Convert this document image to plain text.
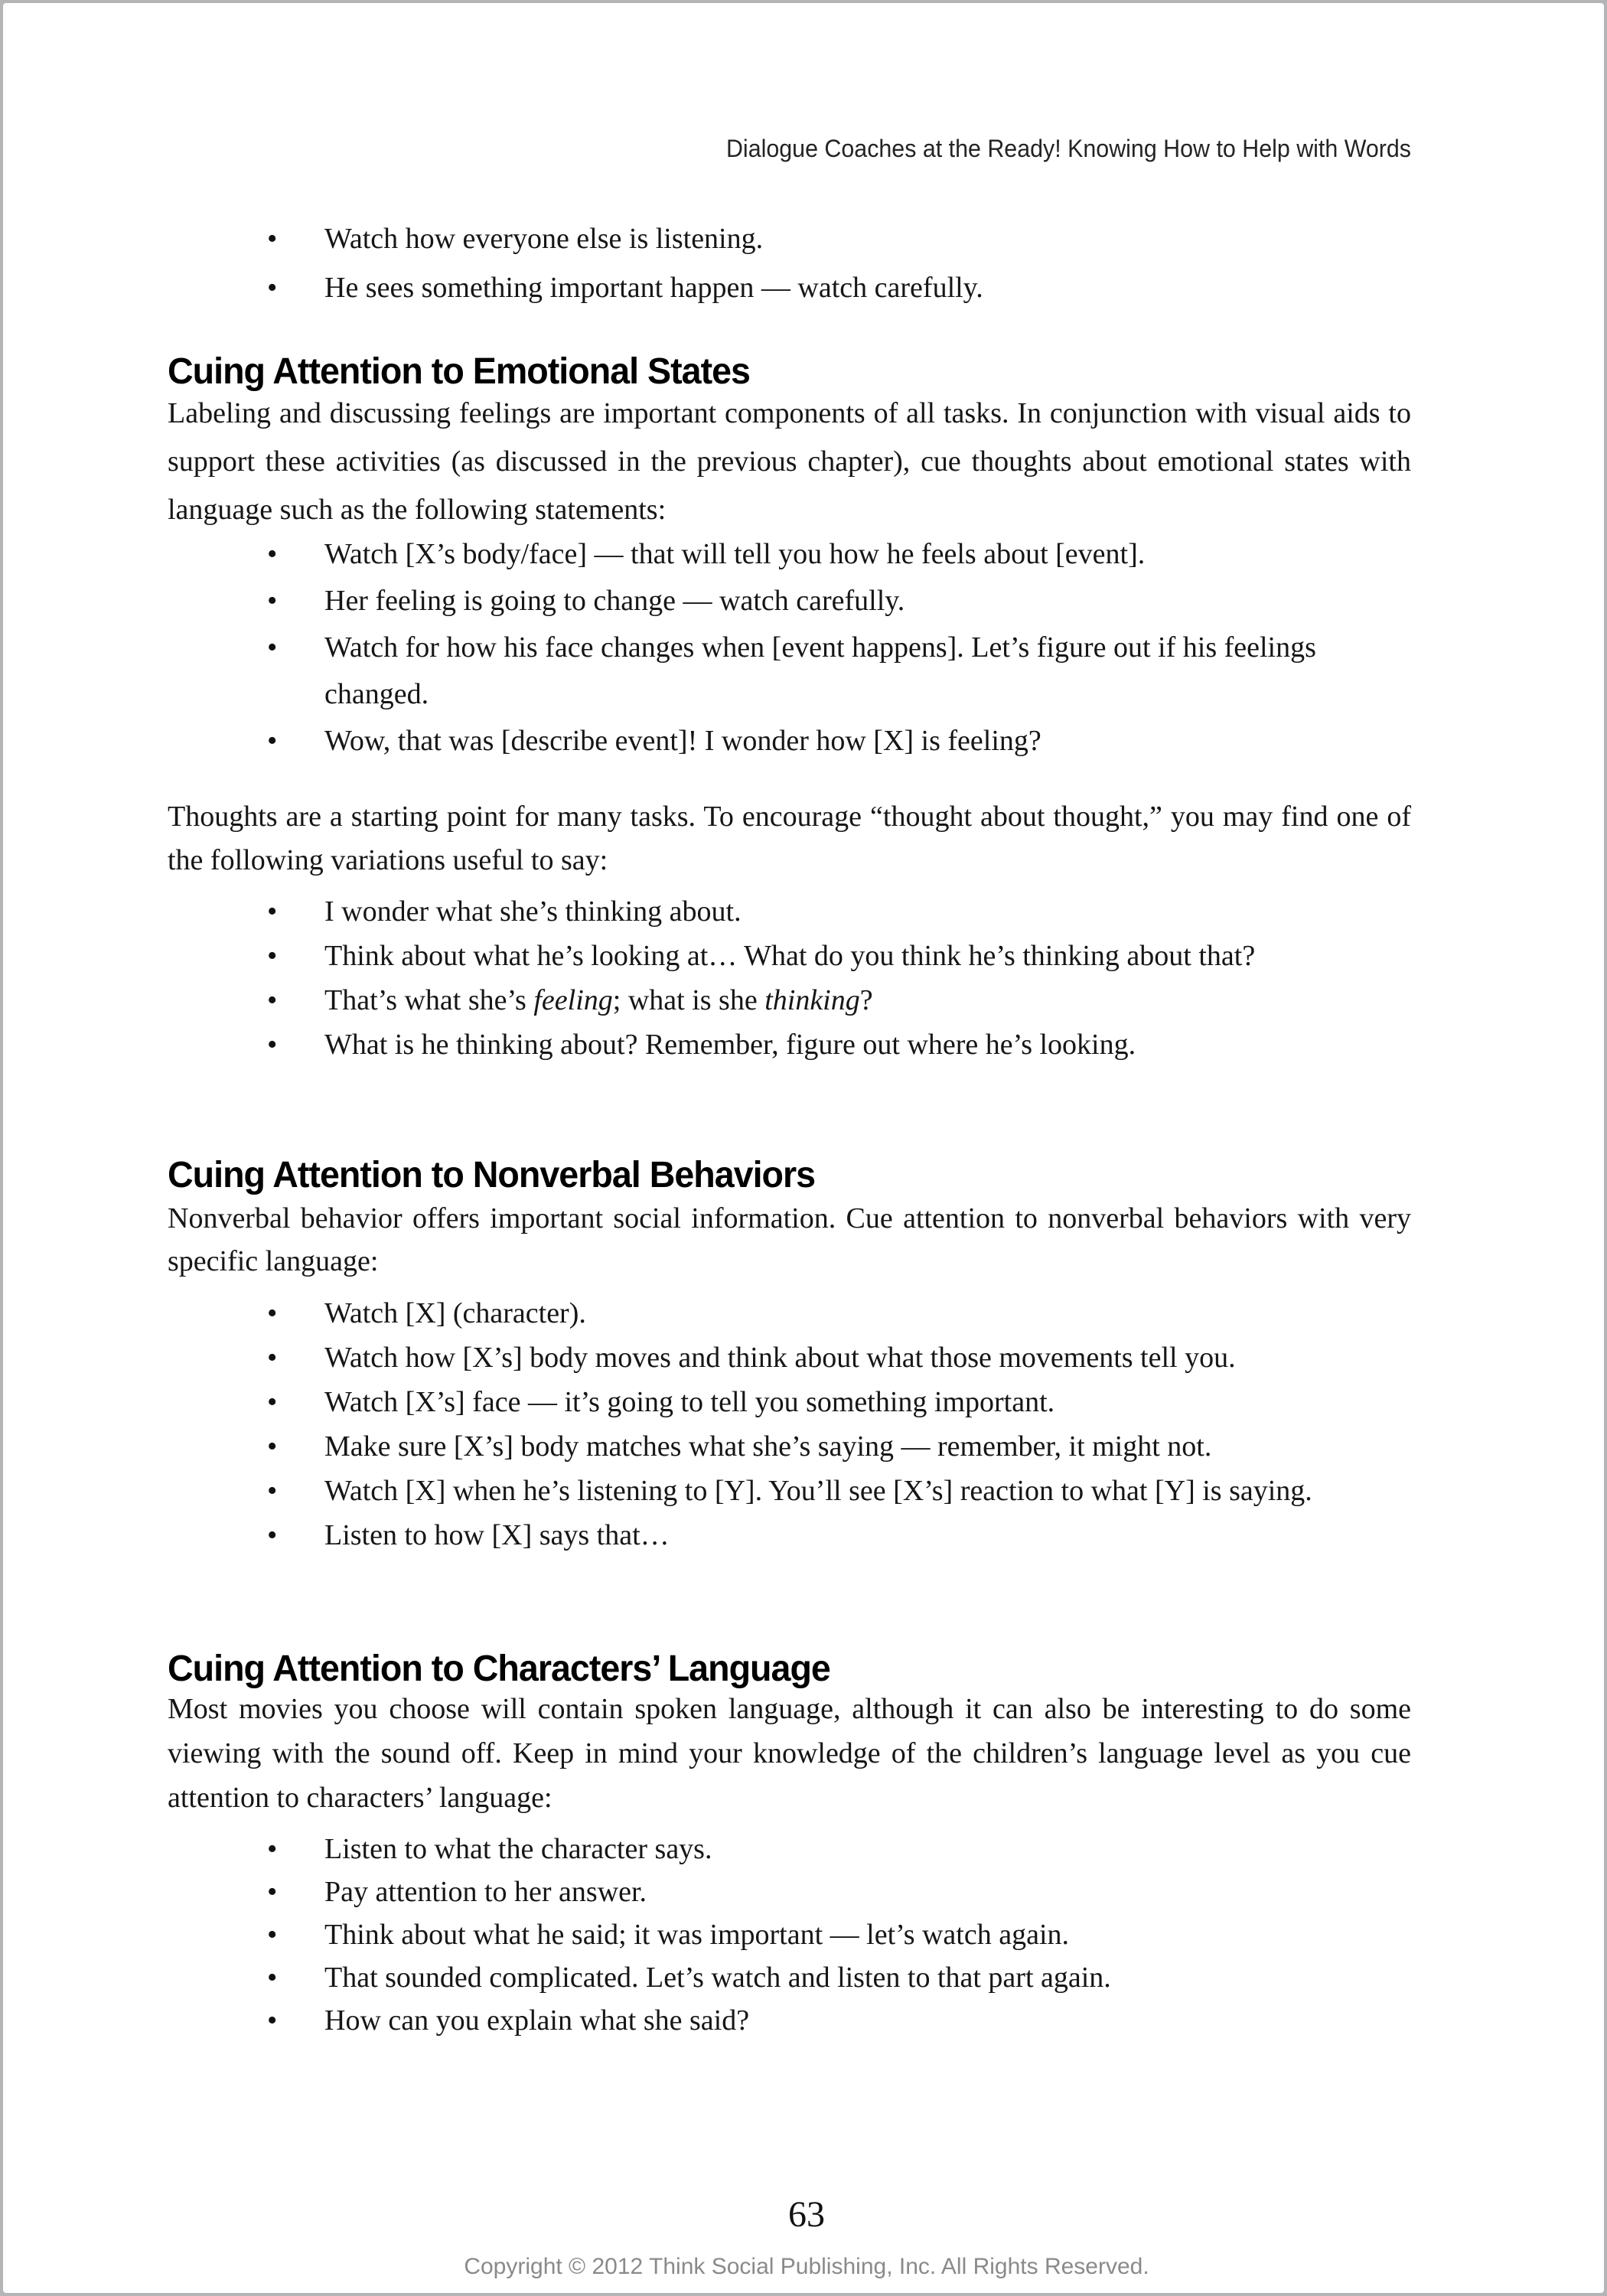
Dialogue Coaches at the Ready! Knowing How to Help with Words
• Watch how everyone else is listening.
• He sees something important happen — watch carefully.
Cuing Attention to Emotional States

Labeling and discussing feelings are important components of all tasks. In conjunction with visual aids to support these activities (as discussed in the previous chapter), cue thoughts about emotional states with language such as the following statements:

• Watch [X’s body/face] — that will tell you how he feels about [event].
• Her feeling is going to change — watch carefully.
• Watch for how his face changes when [event happens]. Let’s figure out if his feelings changed.
• Wow, that was [describe event]! I wonder how [X] is feeling?

Thoughts are a starting point for many tasks. To encourage “thought about thought,” you may find one of the following variations useful to say:

• I wonder what she’s thinking about.
• Think about what he’s looking at… What do you think he’s thinking about that?
• That’s what she’s feeling; what is she thinking?
• What is he thinking about? Remember, figure out where he’s looking.
Cuing Attention to Nonverbal Behaviors

Nonverbal behavior offers important social information. Cue attention to nonverbal behaviors with very specific language:

• Watch [X] (character).
• Watch how [X’s] body moves and think about what those movements tell you.
• Watch [X’s] face — it’s going to tell you something important.
• Make sure [X’s] body matches what she’s saying — remember, it might not.
• Watch [X] when he’s listening to [Y]. You’ll see [X’s] reaction to what [Y] is saying.
• Listen to how [X] says that…
Cuing Attention to Characters’ Language

Most movies you choose will contain spoken language, although it can also be interesting to do some viewing with the sound off. Keep in mind your knowledge of the children’s language level as you cue attention to characters’ language:

• Listen to what the character says.
• Pay attention to her answer.
• Think about what he said; it was important — let’s watch again.
• That sounded complicated. Let’s watch and listen to that part again.
• How can you explain what she said?
63
Copyright © 2012 Think Social Publishing, Inc. All Rights Reserved.
